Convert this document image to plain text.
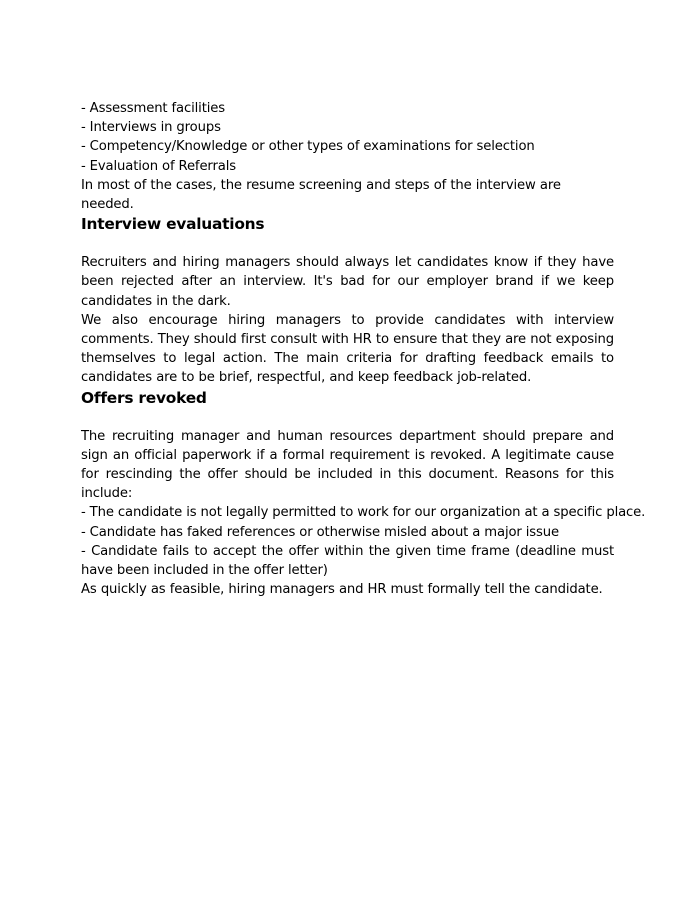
- Assessment facilities
- Interviews in groups
- Competency/Knowledge or other types of examinations for selection
- Evaluation of Referrals

In most of the cases, the resume screening and steps of the interview are needed.

Interview evaluations

Recruiters and hiring managers should always let candidates know if they have been rejected after an interview. It's bad for our employer brand if we keep candidates in the dark.

We also encourage hiring managers to provide candidates with interview comments. They should first consult with HR to ensure that they are not exposing themselves to legal action. The main criteria for drafting feedback emails to candidates are to be brief, respectful, and keep feedback job-related.

Offers revoked

The recruiting manager and human resources department should prepare and sign an official paperwork if a formal requirement is revoked. A legitimate cause for rescinding the offer should be included in this document. Reasons for this include:

- The candidate is not legally permitted to work for our organization at a specific place.
- Candidate has faked references or otherwise misled about a major issue
- Candidate fails to accept the offer within the given time frame (deadline must have been included in the offer letter)

As quickly as feasible, hiring managers and HR must formally tell the candidate.
